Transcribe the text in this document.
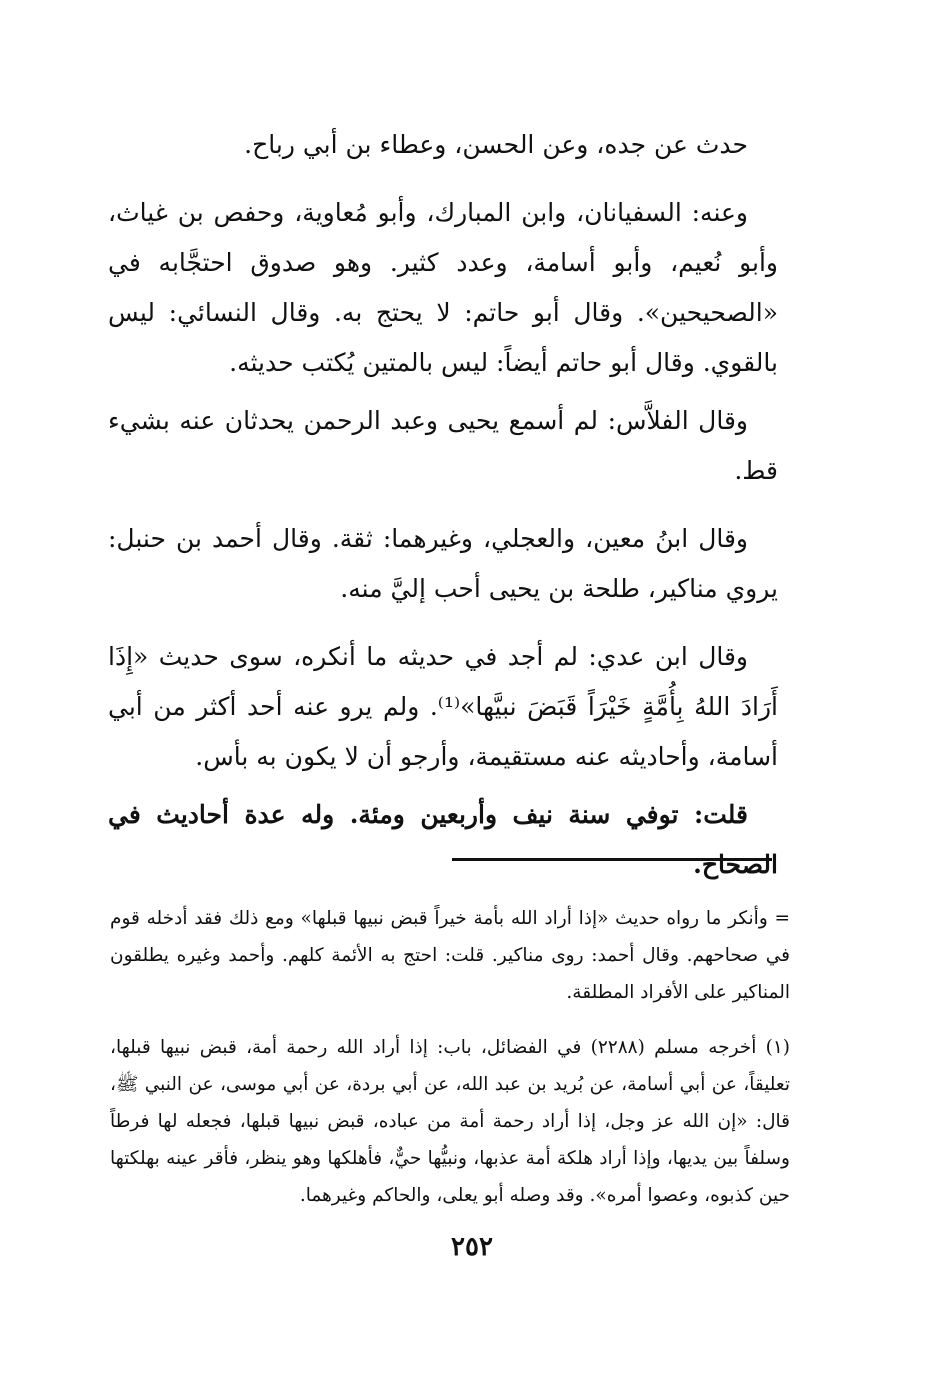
حدث عن جده، وعن الحسن، وعطاء بن أبي رباح.

وعنه: السفيانان، وابن المبارك، وأبو مُعاوية، وحفص بن غياث، وأبو نُعيم، وأبو أسامة، وعدد كثير. وهو صدوق احتجَّابه في «الصحيحين». وقال أبو حاتم: لا يحتج به. وقال النسائي: ليس بالقوي. وقال أبو حاتم أيضاً: ليس بالمتين يُكتب حديثه.

وقال الفلاَّس: لم أسمع يحيى وعبد الرحمن يحدثان عنه بشيء قط.

وقال ابنُ معين، والعجلي، وغيرهما: ثقة. وقال أحمد بن حنبل: يروي مناكير، طلحة بن يحيى أحب إليَّ منه.

وقال ابن عدي: لم أجد في حديثه ما أنكره، سوى حديث «إِذَا أَرَادَ اللهُ بِأُمَّةٍ خَيْرَاً قَبَضَ نبيَّها»⁽¹⁾. ولم يرو عنه أحد أكثر من أبي أسامة، وأحاديثه عنه مستقيمة، وأرجو أن لا يكون به بأس.

قلت: توفي سنة نيف وأربعين ومئة. وله عدة أحاديث في الصحاح.

= وأنكر ما رواه حديث «إذا أراد الله بأمة خيراً قبض نبيها قبلها» ومع ذلك فقد أدخله قوم في صحاحهم. وقال أحمد: روى مناكير. قلت: احتج به الأئمة كلهم. وأحمد وغيره يطلقون المناكير على الأفراد المطلقة.

(١) أخرجه مسلم (٢٢٨٨) في الفضائل، باب: إذا أراد الله رحمة أمة، قبض نبيها قبلها، تعليقاً، عن أبي أسامة، عن بُريد بن عبد الله، عن أبي بردة، عن أبي موسى، عن النبي ﷺ، قال: «إن الله عز وجل، إذا أراد رحمة أمة من عباده، قبض نبيها قبلها، فجعله لها فرطاً وسلفاً بين يديها، وإذا أراد هلكة أمة عذبها، ونبيُّها حيٌّ، فأهلكها وهو ينظر، فأقر عينه بهلكتها حين كذبوه، وعصوا أمره». وقد وصله أبو يعلى، والحاكم وغيرهما.

٢٥٢
